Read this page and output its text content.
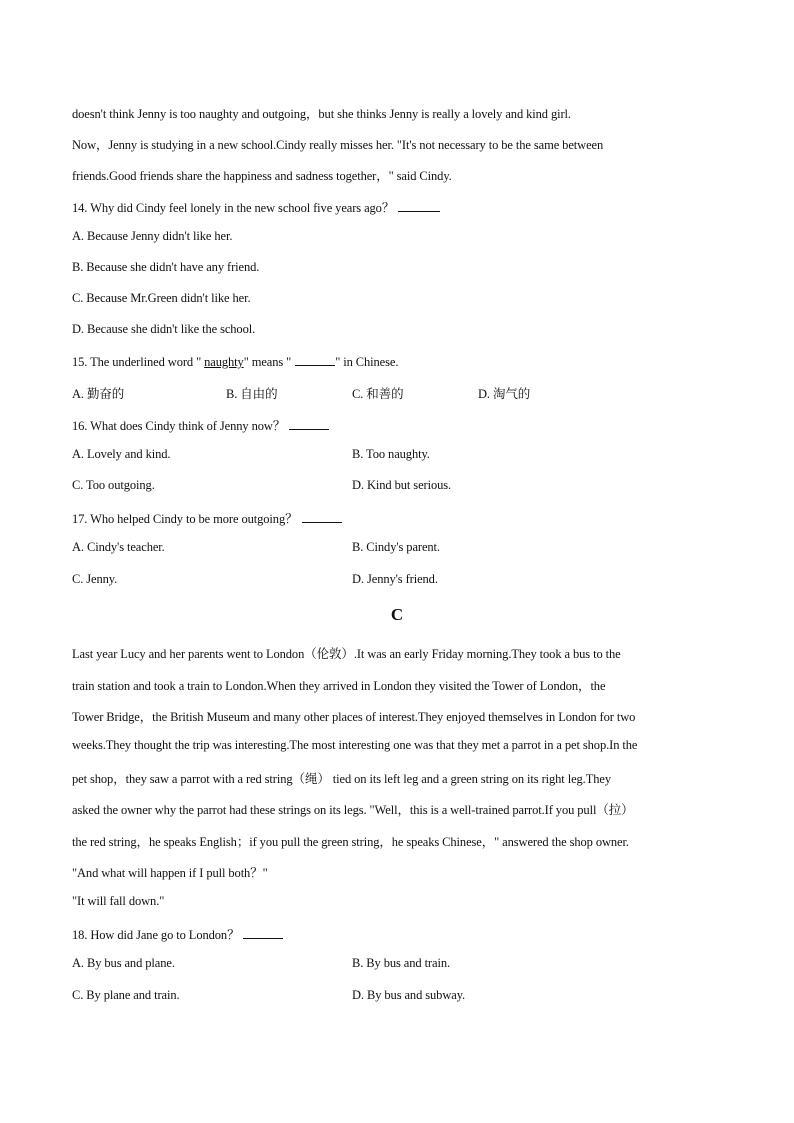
doesn't think Jenny is too naughty and outgoing，but she thinks Jenny is really a lovely and kind girl.
Now，Jenny is studying in a new school.Cindy really misses her. "It's not necessary to be the same between
friends.Good friends share the happiness and sadness together，" said Cindy.
14. Why did Cindy feel lonely in the new school five years ago？
A. Because Jenny didn't like her.
B. Because she didn't have any friend.
C. Because Mr.Green didn't like her.
D. Because she didn't like the school.
15. The underlined word " naughty" means "	" in Chinese.
A. 勤奋的	B. 自由的	C. 和善的	D. 淘气的
16. What does Cindy think of Jenny now？
A. Lovely and kind.	B. Too naughty.
C. Too outgoing.	D. Kind but serious.
17. Who helped Cindy to be more outgoing？
A. Cindy's teacher.	B. Cindy's parent.
C. Jenny.	D. Jenny's friend.
C
Last year Lucy and her parents went to London（伦敦）.It was an early Friday morning.They took a bus to the
train station and took a train to London.When they arrived in London they visited the Tower of London，the
Tower Bridge，the British Museum and many other places of interest.They enjoyed themselves in London for two
weeks.They thought the trip was interesting.The most interesting one was that they met a parrot in a pet shop.In the
pet shop，they saw a parrot with a red string（绳） tied on its left leg and a green string on its right leg.They
asked the owner why the parrot had these strings on its legs. "Well，this is a well-trained parrot.If you pull（拉）
the red string，he speaks English；if you pull the green string，he speaks Chinese，" answered the shop owner.
"And what will happen if I pull both？"
"It will fall down."
18. How did Jane go to London？
A. By bus and plane.	B. By bus and train.
C. By plane and train.	D. By bus and subway.
